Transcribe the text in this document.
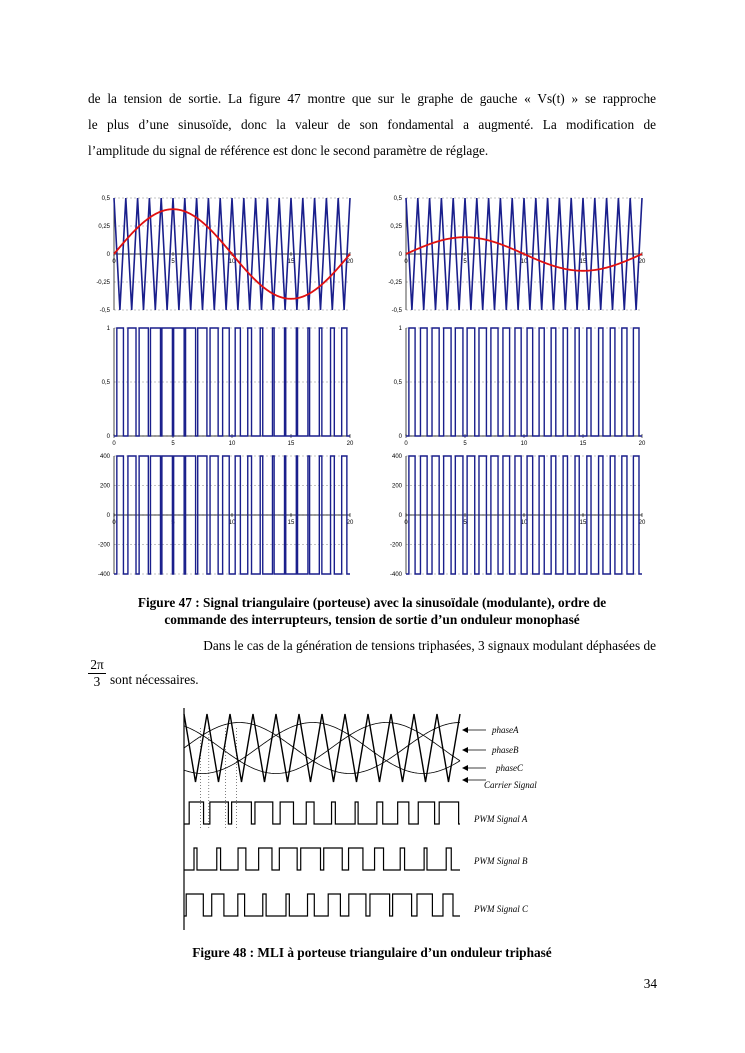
de la tension de sortie. La figure 47 montre que sur le graphe de gauche « Vs(t) » se rapproche
le plus d’une sinusoïde, donc la valeur de son fondamental a augmenté. La modification de
l’amplitude du signal de référence est donc le second paramètre de réglage.
0,5
0,25
0
-0,25
-0,5
0	5	10	15	20
1
0,5
0
0	5	10	15	20
400
200
0
-200
-400
0	5	10	15	20
0,5
0,25
0
-0,25
-0,5
0	5	10	15	20
1
0,5
0
0	5	10	15	20
400
200
0
-200
-400
0	5	10	15	20
Figure 47 : Signal triangulaire (porteuse) avec la sinusoïdale (modulante), ordre de
commande des interrupteurs, tension de sortie d’un onduleur monophasé
Dans le cas de la génération de tensions triphasées, 3 signaux modulant déphasées de
$\frac{2\pi}{3}$ sont nécessaires.
phaseA
phaseB
phaseC
Carrier Signal
PWM Signal A
PWM Signal B
PWM Signal C
Figure 48 : MLI à porteuse triangulaire d’un onduleur triphasé
34
